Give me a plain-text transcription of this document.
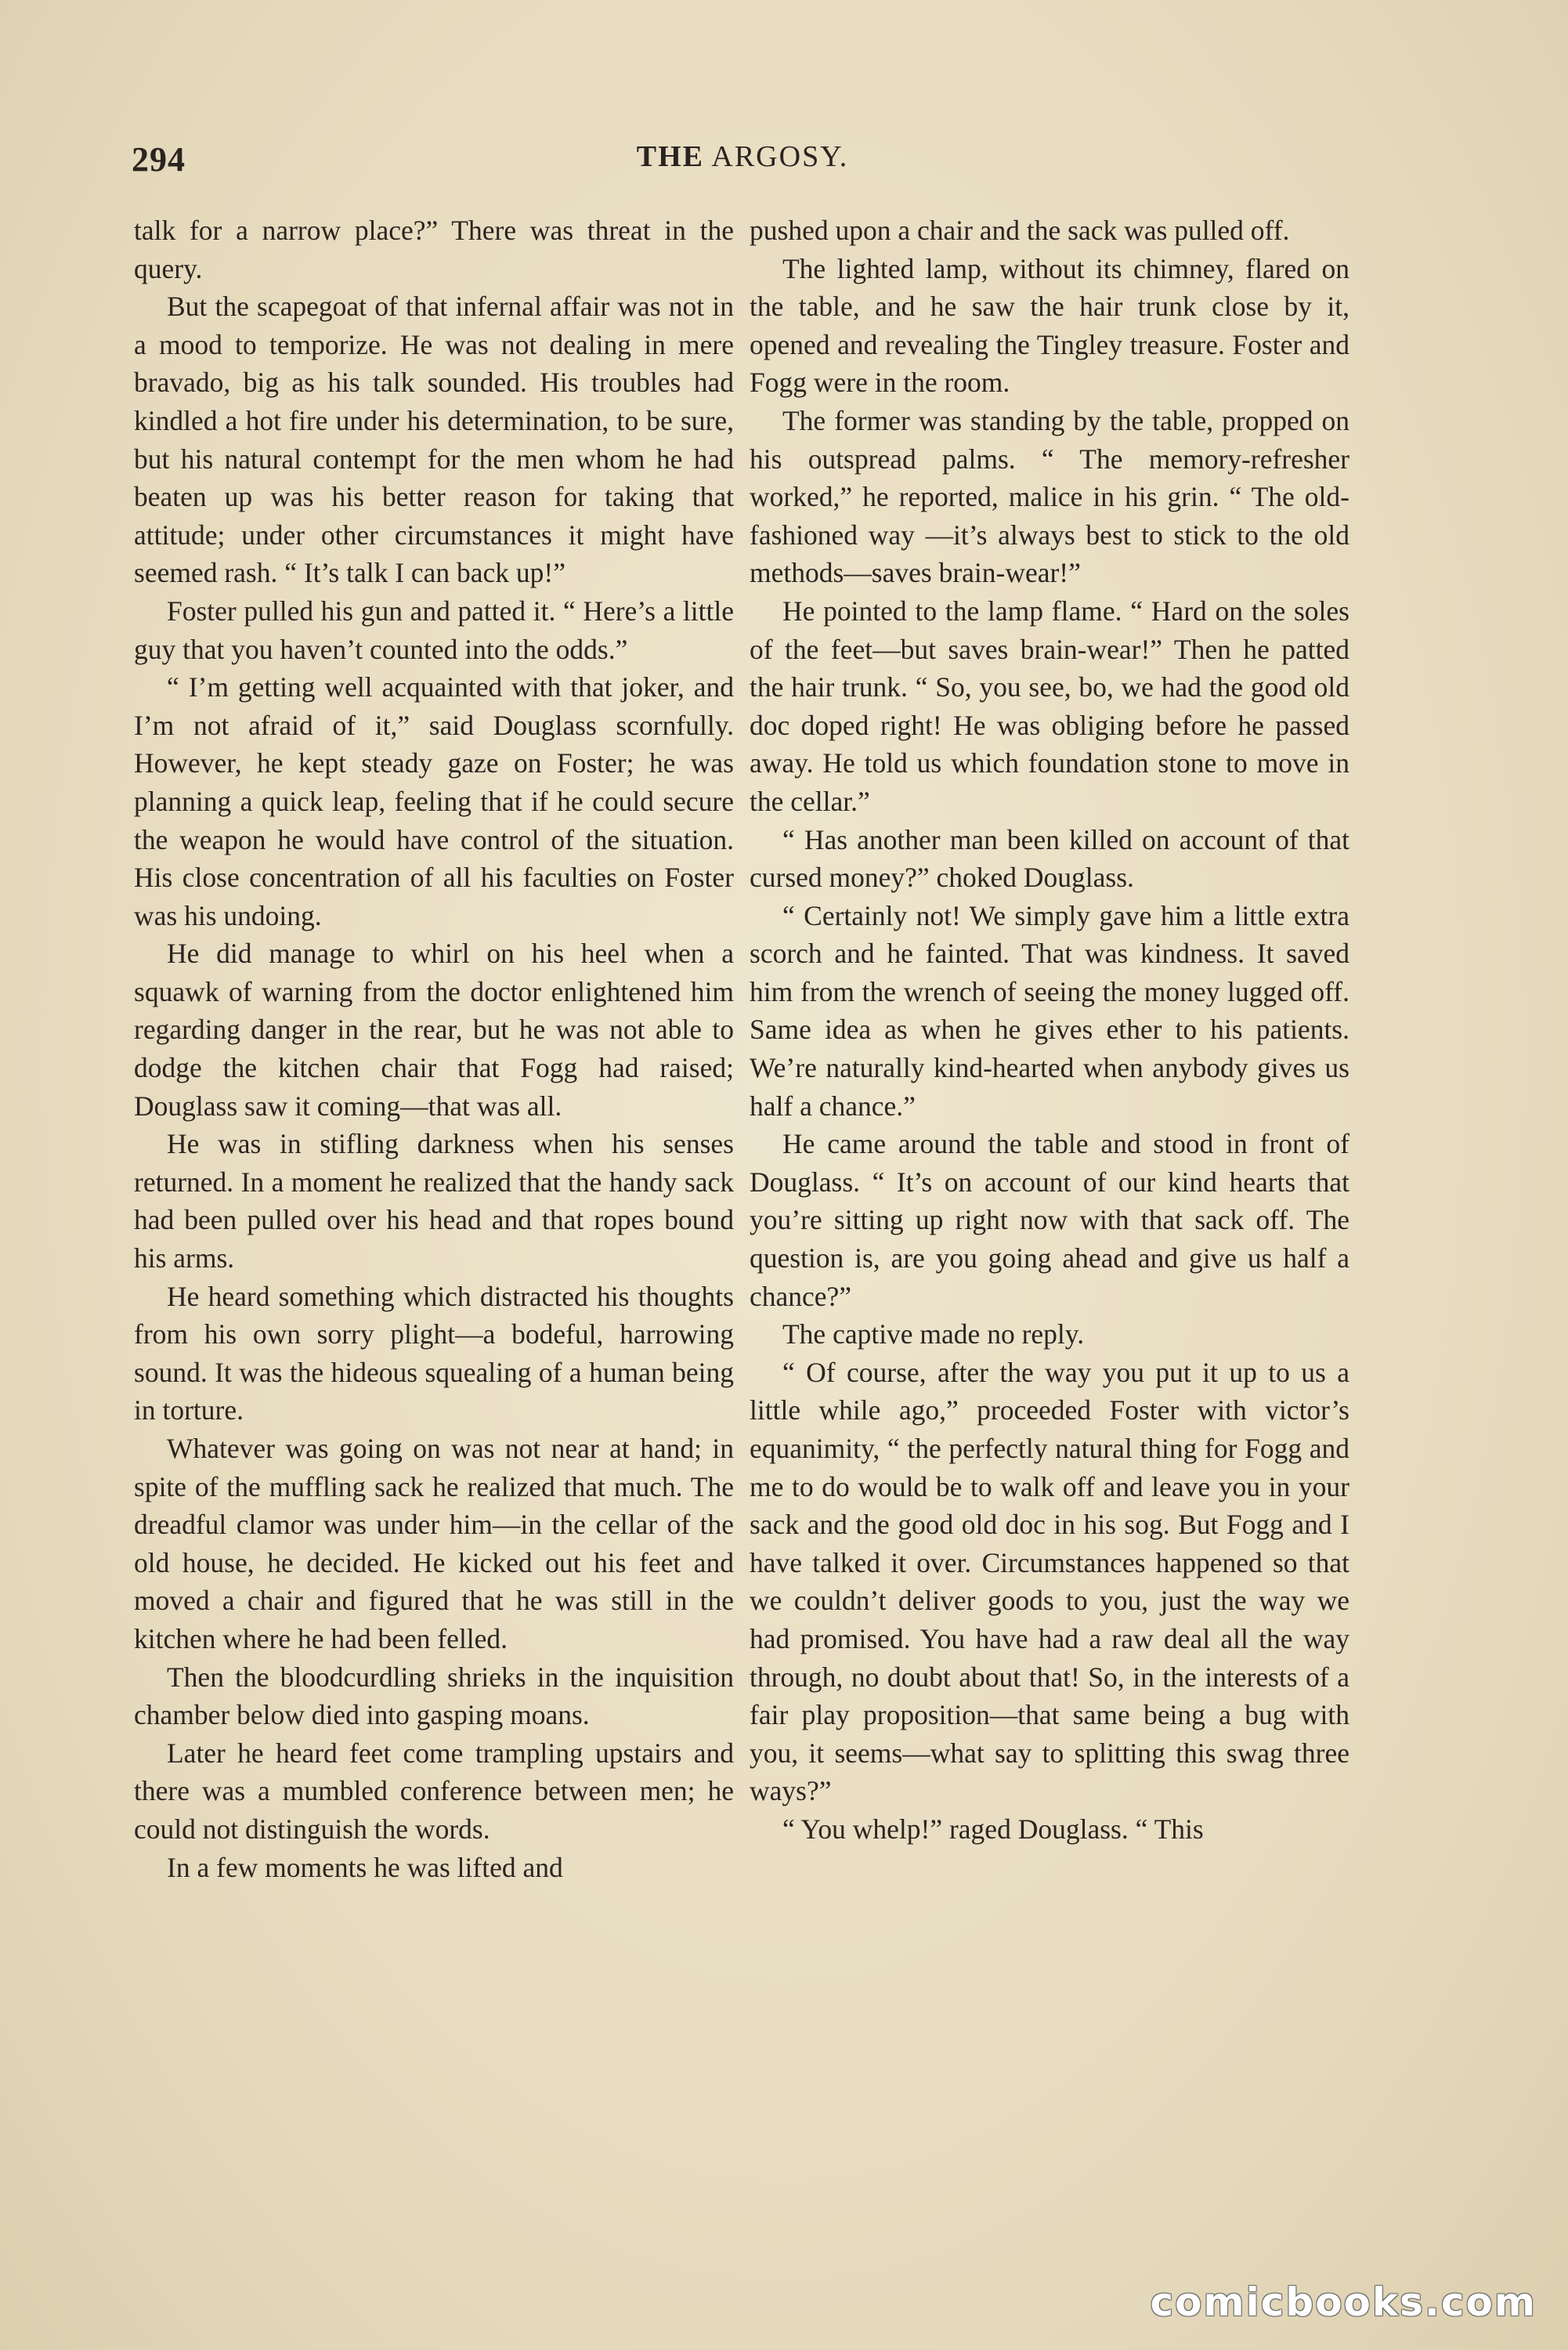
294	THE ARGOSY.

talk for a narrow place?” There was threat in the query.

But the scapegoat of that infernal affair was not in a mood to temporize. He was not dealing in mere bravado, big as his talk sounded. His troubles had kindled a hot fire under his determination, to be sure, but his natural contempt for the men whom he had beaten up was his better reason for taking that attitude; under other circumstances it might have seemed rash. “ It’s talk I can back up!”

Foster pulled his gun and patted it. “ Here’s a little guy that you haven’t counted into the odds.”

“ I’m getting well acquainted with that joker, and I’m not afraid of it,” said Douglass scornfully. However, he kept steady gaze on Foster; he was planning a quick leap, feeling that if he could secure the weapon he would have control of the situation. His close concentration of all his faculties on Foster was his undoing.

He did manage to whirl on his heel when a squawk of warning from the doctor enlightened him regarding danger in the rear, but he was not able to dodge the kitchen chair that Fogg had raised; Douglass saw it coming—that was all.

He was in stifling darkness when his senses returned. In a moment he realized that the handy sack had been pulled over his head and that ropes bound his arms.

He heard something which distracted his thoughts from his own sorry plight—a bodeful, harrowing sound. It was the hideous squealing of a human being in torture.

Whatever was going on was not near at hand; in spite of the muffling sack he realized that much. The dreadful clamor was under him—in the cellar of the old house, he decided. He kicked out his feet and moved a chair and figured that he was still in the kitchen where he had been felled.

Then the bloodcurdling shrieks in the inquisition chamber below died into gasping moans.

Later he heard feet come trampling upstairs and there was a mumbled conference between men; he could not distinguish the words.

In a few moments he was lifted and

pushed upon a chair and the sack was pulled off.

The lighted lamp, without its chimney, flared on the table, and he saw the hair trunk close by it, opened and revealing the Tingley treasure. Foster and Fogg were in the room.

The former was standing by the table, propped on his outspread palms. “ The memory-refresher worked,” he reported, malice in his grin. “ The old-fashioned way —it’s always best to stick to the old methods—saves brain-wear!”

He pointed to the lamp flame. “ Hard on the soles of the feet—but saves brain-wear!” Then he patted the hair trunk. “ So, you see, bo, we had the good old doc doped right! He was obliging before he passed away. He told us which foundation stone to move in the cellar.”

“ Has another man been killed on account of that cursed money?” choked Douglass.

“ Certainly not! We simply gave him a little extra scorch and he fainted. That was kindness. It saved him from the wrench of seeing the money lugged off. Same idea as when he gives ether to his patients. We’re naturally kind-hearted when anybody gives us half a chance.”

He came around the table and stood in front of Douglass. “ It’s on account of our kind hearts that you’re sitting up right now with that sack off. The question is, are you going ahead and give us half a chance?”

The captive made no reply.

“ Of course, after the way you put it up to us a little while ago,” proceeded Foster with victor’s equanimity, “ the perfectly natural thing for Fogg and me to do would be to walk off and leave you in your sack and the good old doc in his sog. But Fogg and I have talked it over. Circumstances happened so that we couldn’t deliver goods to you, just the way we had promised. You have had a raw deal all the way through, no doubt about that! So, in the interests of a fair play proposition—that same being a bug with you, it seems—what say to splitting this swag three ways?”

“ You whelp!” raged Douglass. “ This

comicbooks.com
